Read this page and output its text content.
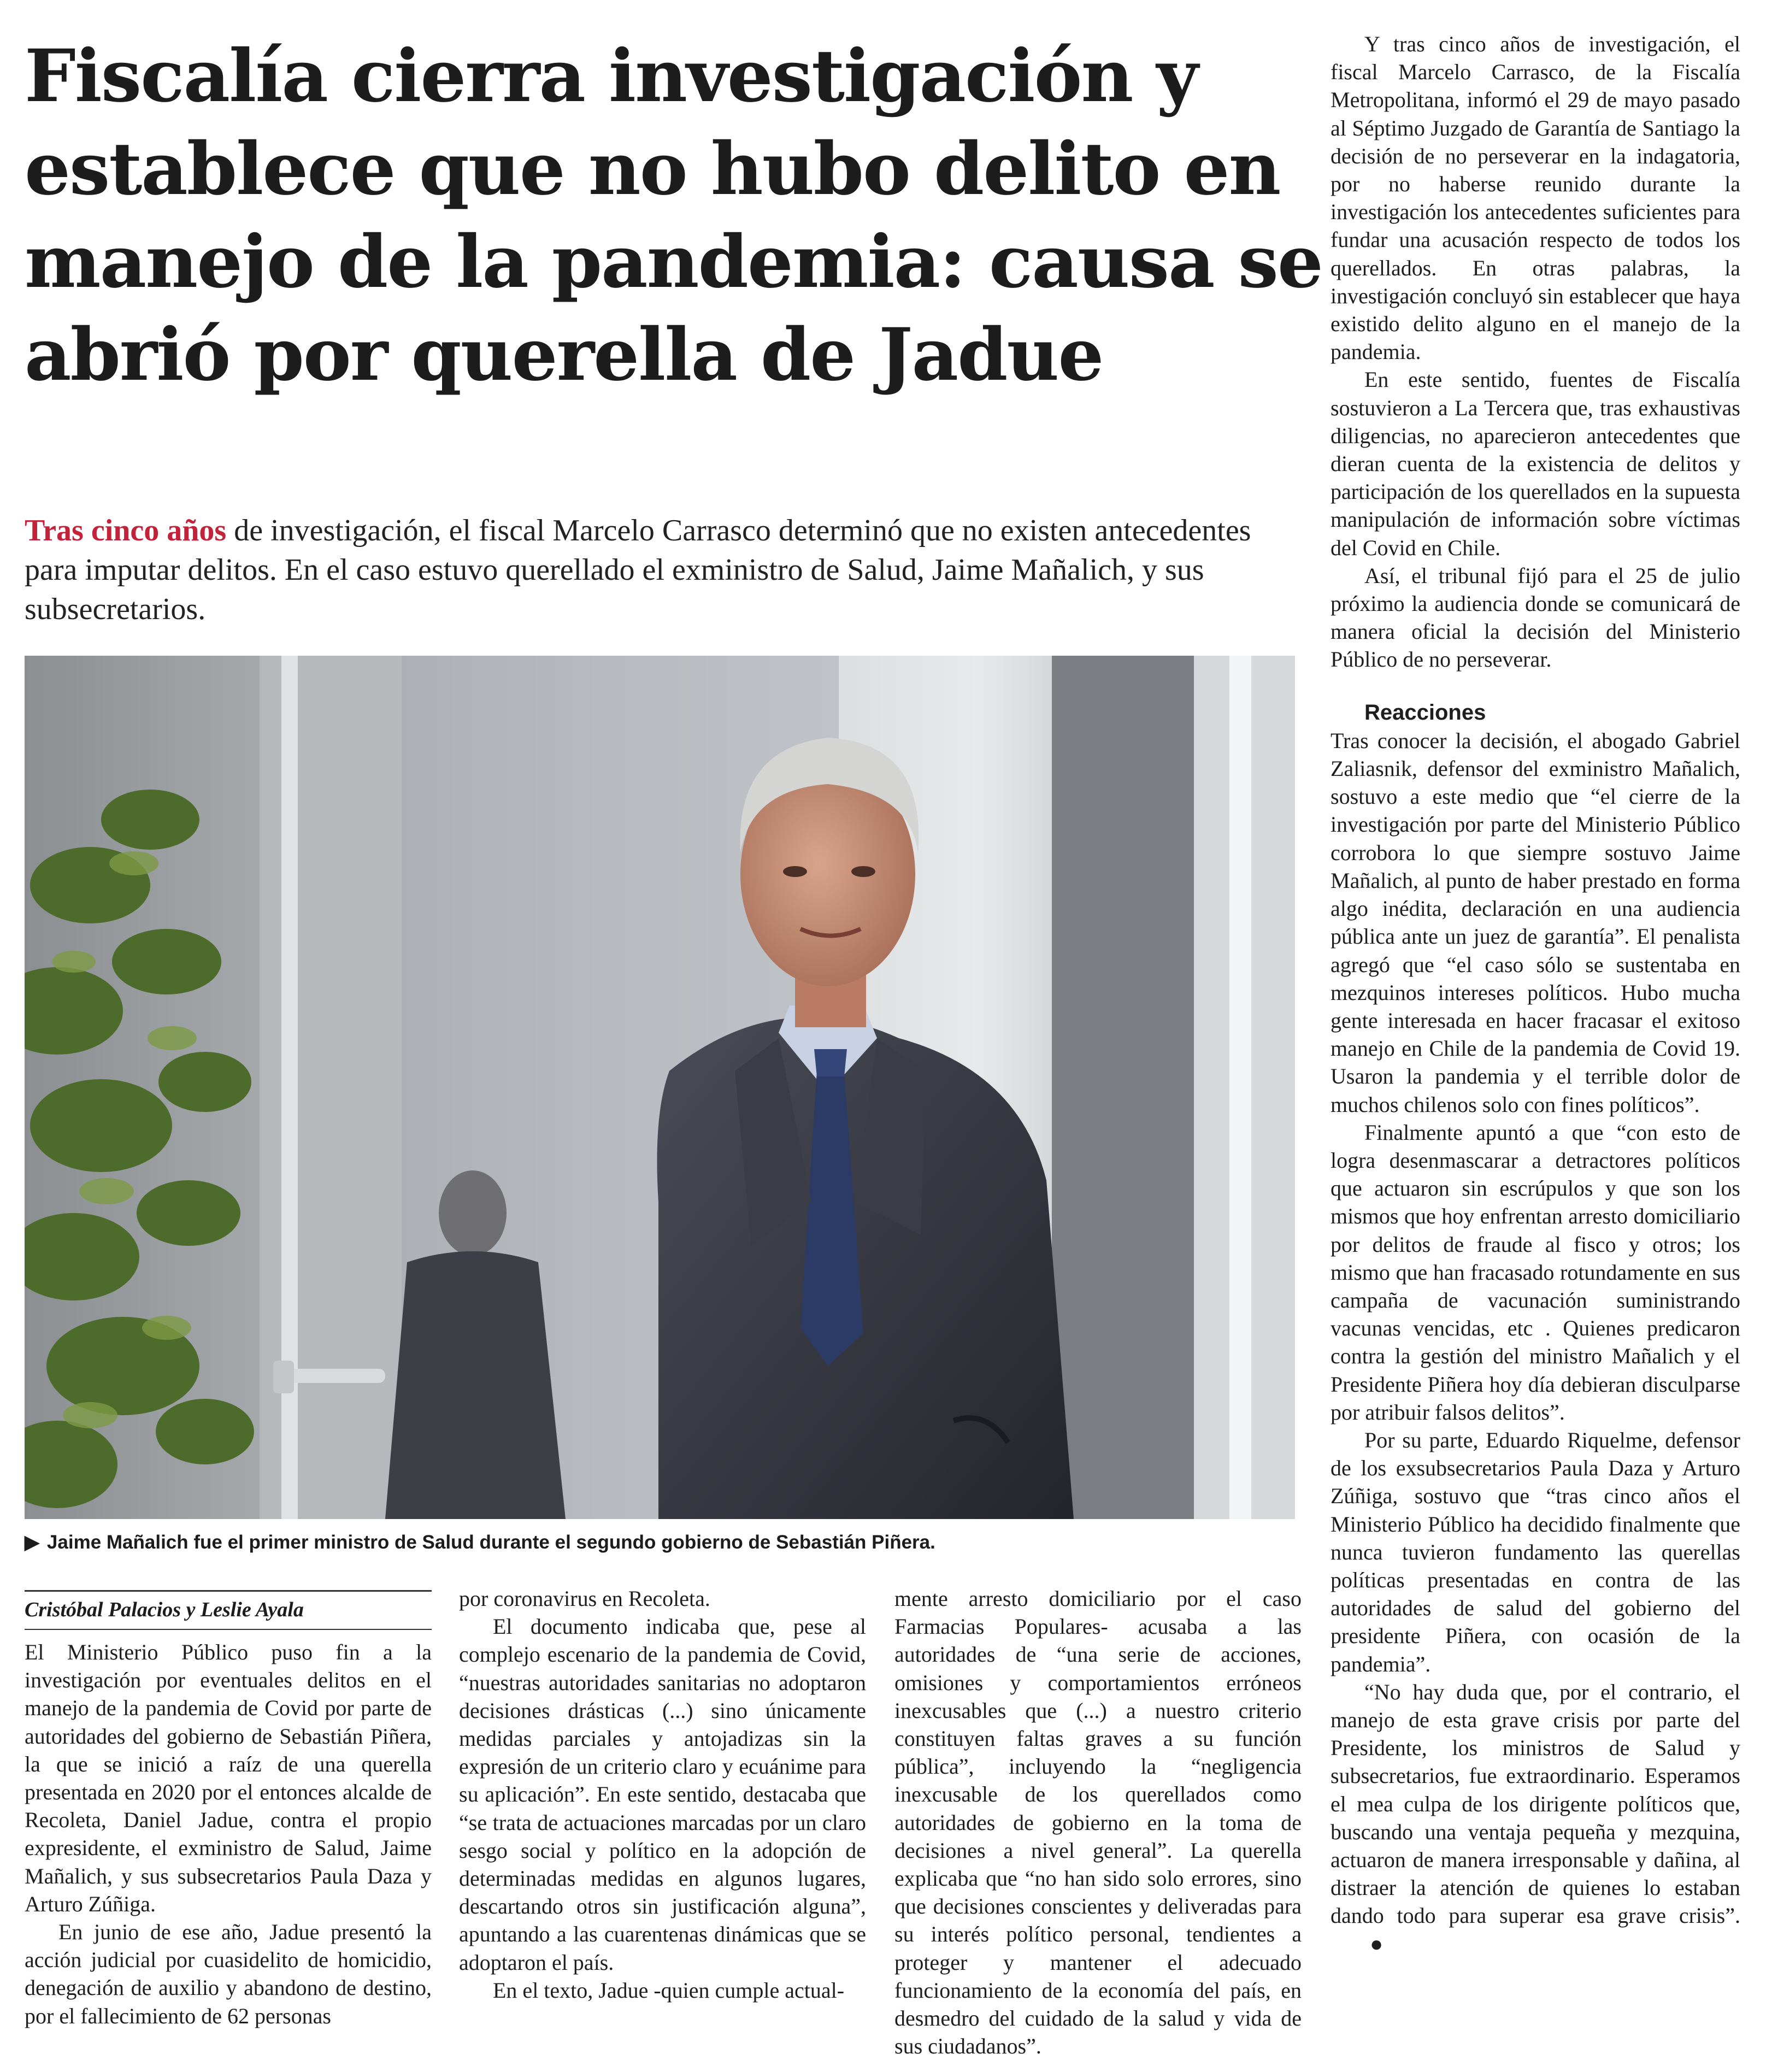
Fiscalía cierra investigación y establece que no hubo delito en manejo de la pandemia: causa se abrió por querella de Jadue

Tras cinco años de investigación, el fiscal Marcelo Carrasco determinó que no existen antecedentes para imputar delitos. En el caso estuvo querellado el exministro de Salud, Jaime Mañalich, y sus subsecretarios.

▶ Jaime Mañalich fue el primer ministro de Salud durante el segundo gobierno de Sebastián Piñera.

Cristóbal Palacios y Leslie Ayala

El Ministerio Público puso fin a la investigación por eventuales delitos en el manejo de la pandemia de Covid por parte de autoridades del gobierno de Sebastián Piñera, la que se inició a raíz de una querella presentada en 2020 por el entonces alcalde de Recoleta, Daniel Jadue, contra el propio expresidente, el exministro de Salud, Jaime Mañalich, y sus subsecretarios Paula Daza y Arturo Zúñiga.

En junio de ese año, Jadue presentó la acción judicial por cuasidelito de homicidio, denegación de auxilio y abandono de destino, por el fallecimiento de 62 personas

por coronavirus en Recoleta.

El documento indicaba que, pese al complejo escenario de la pandemia de Covid, “nuestras autoridades sanitarias no adoptaron decisiones drásticas (...) sino únicamente medidas parciales y antojadizas sin la expresión de un criterio claro y ecuánime para su aplicación”. En este sentido, destacaba que “se trata de actuaciones marcadas por un claro sesgo social y político en la adopción de determinadas medidas en algunos lugares, descartando otros sin justificación alguna”, apuntando a las cuarentenas dinámicas que se adoptaron el país.

En el texto, Jadue -quien cumple actual-

mente arresto domiciliario por el caso Farmacias Populares- acusaba a las autoridades de “una serie de acciones, omisiones y comportamientos erróneos inexcusables que (...) a nuestro criterio constituyen faltas graves a su función pública”, incluyendo la “negligencia inexcusable de los querellados como autoridades de gobierno en la toma de decisiones a nivel general”. La querella explicaba que “no han sido solo errores, sino que decisiones conscientes y deliveradas para su interés político personal, tendientes a proteger y mantener el adecuado funcionamiento de la economía del país, en desmedro del cuidado de la salud y vida de sus ciudadanos”.

Y tras cinco años de investigación, el fiscal Marcelo Carrasco, de la Fiscalía Metropolitana, informó el 29 de mayo pasado al Séptimo Juzgado de Garantía de Santiago la decisión de no perseverar en la indagatoria, por no haberse reunido durante la investigación los antecedentes suficientes para fundar una acusación respecto de todos los querellados. En otras palabras, la investigación concluyó sin establecer que haya existido delito alguno en el manejo de la pandemia.

En este sentido, fuentes de Fiscalía sostuvieron a La Tercera que, tras exhaustivas diligencias, no aparecieron antecedentes que dieran cuenta de la existencia de delitos y participación de los querellados en la supuesta manipulación de información sobre víctimas del Covid en Chile.

Así, el tribunal fijó para el 25 de julio próximo la audiencia donde se comunicará de manera oficial la decisión del Ministerio Público de no perseverar.

Reacciones

Tras conocer la decisión, el abogado Gabriel Zaliasnik, defensor del exministro Mañalich, sostuvo a este medio que “el cierre de la investigación por parte del Ministerio Público corrobora lo que siempre sostuvo Jaime Mañalich, al punto de haber prestado en forma algo inédita, declaración en una audiencia pública ante un juez de garantía”. El penalista agregó que “el caso sólo se sustentaba en mezquinos intereses políticos. Hubo mucha gente interesada en hacer fracasar el exitoso manejo en Chile de la pandemia de Covid 19. Usaron la pandemia y el terrible dolor de muchos chilenos solo con fines políticos”.

Finalmente apuntó a que “con esto de logra desenmascarar a detractores políticos que actuaron sin escrúpulos y que son los mismos que hoy enfrentan arresto domiciliario por delitos de fraude al fisco y otros; los mismo que han fracasado rotundamente en sus campaña de vacunación suministrando vacunas vencidas, etc . Quienes predicaron contra la gestión del ministro Mañalich y el Presidente Piñera hoy día debieran disculparse por atribuir falsos delitos”.

Por su parte, Eduardo Riquelme, defensor de los exsubsecretarios Paula Daza y Arturo Zúñiga, sostuvo que “tras cinco años el Ministerio Público ha decidido finalmente que nunca tuvieron fundamento las querellas políticas presentadas en contra de las autoridades de salud del gobierno del presidente Piñera, con ocasión de la pandemia”.

“No hay duda que, por el contrario, el manejo de esta grave crisis por parte del Presidente, los ministros de Salud y subsecretarios, fue extraordinario. Esperamos el mea culpa de los dirigente políticos que, buscando una ventaja pequeña y mezquina, actuaron de manera irresponsable y dañina, al distraer la atención de quienes lo estaban dando todo para superar esa grave crisis”.●
